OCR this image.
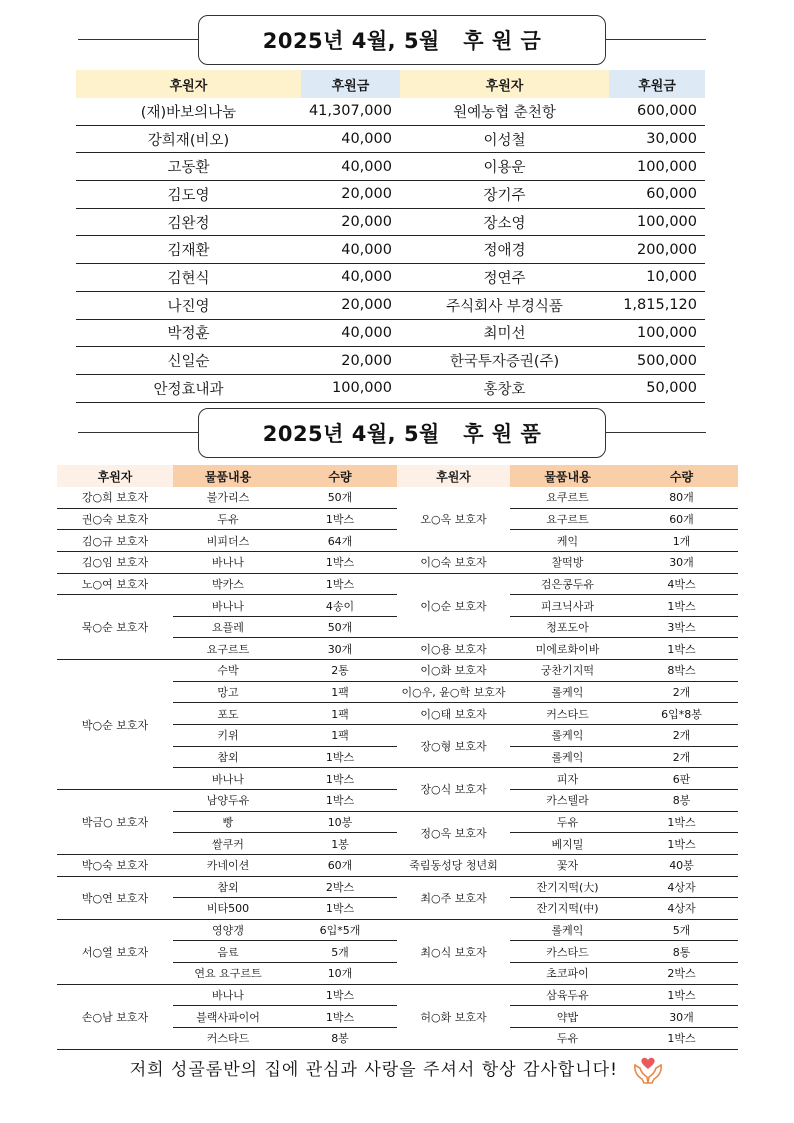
2025년 4월, 5월   후 원 금
후원자	후원금	후원자	후원금
(재)바보의나눔	41,307,000	원예농협 춘천항	600,000
강희재(비오)	40,000	이성철	30,000
고동환	40,000	이용운	100,000
김도영	20,000	장기주	60,000
김완정	20,000	장소영	100,000
김재환	40,000	정애경	200,000
김현식	40,000	정연주	10,000
나진영	20,000	주식회사 부경식품	1,815,120
박정훈	40,000	최미선	100,000
신일순	20,000	한국투자증권(주)	500,000
안정효내과	100,000	홍창호	50,000
2025년 4월, 5월   후 원 품
후원자	물품내용	수량	후원자	물품내용	수량
강○희 보호자	불가리스	50개	오○옥 보호자	요쿠르트	80개
권○숙 보호자	두유	1박스		요구르트	60개
김○규 보호자	비피더스	64개		케익	1개
김○임 보호자	바나나	1박스	이○숙 보호자	찰떡방	30개
노○여 보호자	박카스	1박스	이○순 보호자	검은콩두유	4박스
묵○순 보호자	바나나	4송이		피크닉사과	1박스
	요플레	50개		청포도아	3박스
	요구르트	30개	이○용 보호자	미에로화이바	1박스
박○순 보호자	수박	2통	이○화 보호자	궁찬기지떡	8박스
	망고	1팩	이○우, 윤○학 보호자	롤케익	2개
	포도	1팩	이○태 보호자	커스타드	6입*8봉
	키위	1팩	장○형 보호자	롤케익	2개
	참외	1박스		롤케익	2개
	바나나	1박스	장○식 보호자	피자	6판
박금○ 보호자	남양두유	1박스		카스텔라	8봉
	빵	10봉	정○옥 보호자	두유	1박스
	쌀쿠커	1봉		베지밀	1박스
박○숙 보호자	카네이션	60개	죽림동성당 청년회	꽃자	40봉
박○연 보호자	참외	2박스	최○주 보호자	잔기지떡(大)	4상자
	비타500	1박스		잔기지떡(中)	4상자
서○열 보호자	영양갱	6입*5개	최○식 보호자	롤케익	5개
	음료	5개		카스타드	8통
	연요 요구르트	10개		초코파이	2박스
손○남 보호자	바나나	1박스	허○화 보호자	삼육두유	1박스
	블랙사파이어	1박스		약밥	30개
	커스타드	8봉		두유	1박스
저희 성골롬반의 집에 관심과 사랑을 주셔서 항상 감사합니다!
